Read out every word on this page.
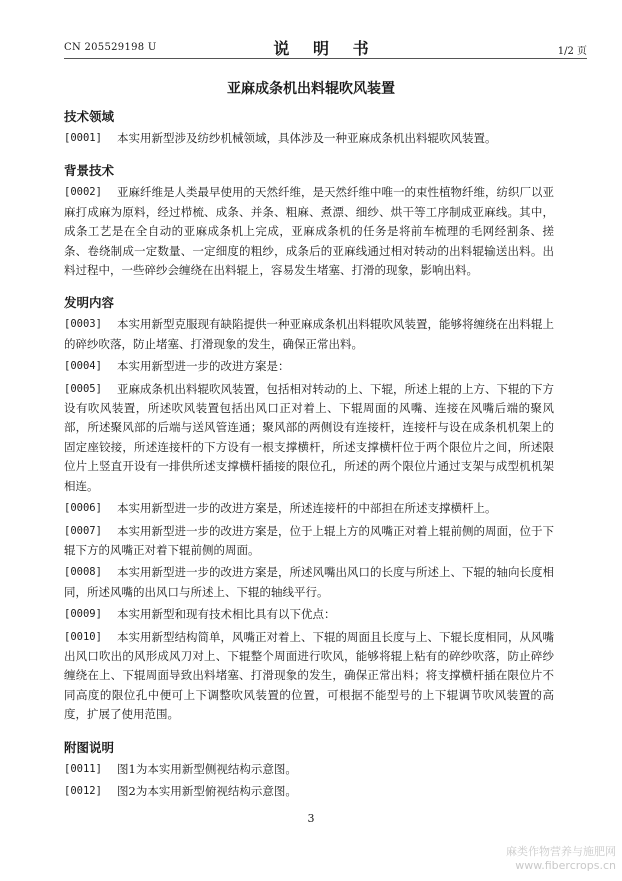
CN 205529198 U	说 明 书	1/2 页
亚麻成条机出料辊吹风装置
技术领域
[0001]	本实用新型涉及纺纱机械领域，具体涉及一种亚麻成条机出料辊吹风装置。
背景技术
[0002]	亚麻纤维是人类最早使用的天然纤维，是天然纤维中唯一的束性植物纤维，纺织厂以亚麻打成麻为原料，经过栉梳、成条、并条、粗麻、煮漂、细纱、烘干等工序制成亚麻线。其中，成条工艺是在全自动的亚麻成条机上完成，亚麻成条机的任务是将前车梳理的毛网经割条、搓条、卷绕制成一定数量、一定细度的粗纱，成条后的亚麻线通过相对转动的出料辊输送出料。出料过程中，一些碎纱会缠绕在出料辊上，容易发生堵塞、打滑的现象，影响出料。
发明内容
[0003]	本实用新型克服现有缺陷提供一种亚麻成条机出料辊吹风装置，能够将缠绕在出料辊上的碎纱吹落，防止堵塞、打滑现象的发生，确保正常出料。
[0004]	本实用新型进一步的改进方案是：
[0005]	亚麻成条机出料辊吹风装置，包括相对转动的上、下辊，所述上辊的上方、下辊的下方设有吹风装置，所述吹风装置包括出风口正对着上、下辊周面的风嘴、连接在风嘴后端的聚风部，所述聚风部的后端与送风管连通；聚风部的两侧设有连接杆，连接杆与设在成条机机架上的固定座铰接，所述连接杆的下方设有一根支撑横杆，所述支撑横杆位于两个限位片之间，所述限位片上竖直开设有一排供所述支撑横杆插接的限位孔，所述的两个限位片通过支架与成型机机架相连。
[0006]	本实用新型进一步的改进方案是，所述连接杆的中部担在所述支撑横杆上。
[0007]	本实用新型进一步的改进方案是，位于上辊上方的风嘴正对着上辊前侧的周面，位于下辊下方的风嘴正对着下辊前侧的周面。
[0008]	本实用新型进一步的改进方案是，所述风嘴出风口的长度与所述上、下辊的轴向长度相同，所述风嘴的出风口与所述上、下辊的轴线平行。
[0009]	本实用新型和现有技术相比具有以下优点：
[0010]	本实用新型结构简单，风嘴正对着上、下辊的周面且长度与上、下辊长度相同，从风嘴出风口吹出的风形成风刀对上、下辊整个周面进行吹风，能够将辊上粘有的碎纱吹落，防止碎纱缠绕在上、下辊周面导致出料堵塞、打滑现象的发生，确保正常出料；将支撑横杆插在限位片不同高度的限位孔中便可上下调整吹风装置的位置，可根据不能型号的上下辊调节吹风装置的高度，扩展了使用范围。
附图说明
[0011]	图1为本实用新型侧视结构示意图。
[0012]	图2为本实用新型俯视结构示意图。
3
麻类作物营养与施肥网
www.fibercrops.cn
